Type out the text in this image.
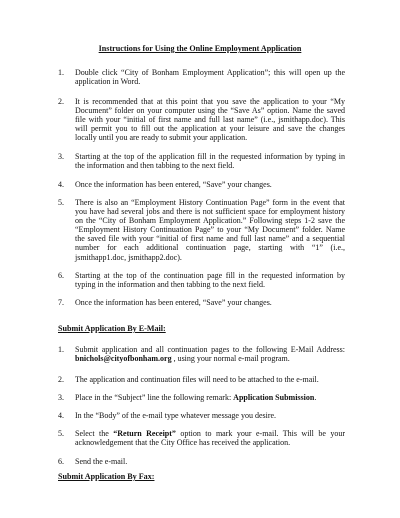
Instructions for Using the Online Employment Application
1. Double click “City of Bonham Employment Application”; this will open up the application in Word.
2. It is recommended that at this point that you save the application to your “My Document” folder on your computer using the “Save As” option. Name the saved file with your “initial of first name and full last name” (i.e., jsmithapp.doc). This will permit you to fill out the application at your leisure and save the changes locally until you are ready to submit your application.
3. Starting at the top of the application fill in the requested information by typing in the information and then tabbing to the next field.
4. Once the information has been entered, “Save” your changes.
5. There is also an “Employment History Continuation Page” form in the event that you have had several jobs and there is not sufficient space for employment history on the “City of Bonham Employment Application.” Following steps 1-2 save the “Employment History Continuation Page” to your “My Document” folder. Name the saved file with your “initial of first name and full last name” and a sequential number for each additional continuation page, starting with “1” (i.e., jsmithapp1.doc, jsmithapp2.doc).
6. Starting at the top of the continuation page fill in the requested information by typing in the information and then tabbing to the next field.
7. Once the information has been entered, “Save” your changes.
Submit Application By E-Mail:
1. Submit application and all continuation pages to the following E-Mail Address: bnichols@cityofbonham.org , using your normal e-mail program.
2. The application and continuation files will need to be attached to the e-mail.
3. Place in the “Subject” line the following remark: Application Submission.
4. In the “Body” of the e-mail type whatever message you desire.
5. Select the “Return Receipt” option to mark your e-mail. This will be your acknowledgement that the City Office has received the application.
6. Send the e-mail.
Submit Application By Fax:
